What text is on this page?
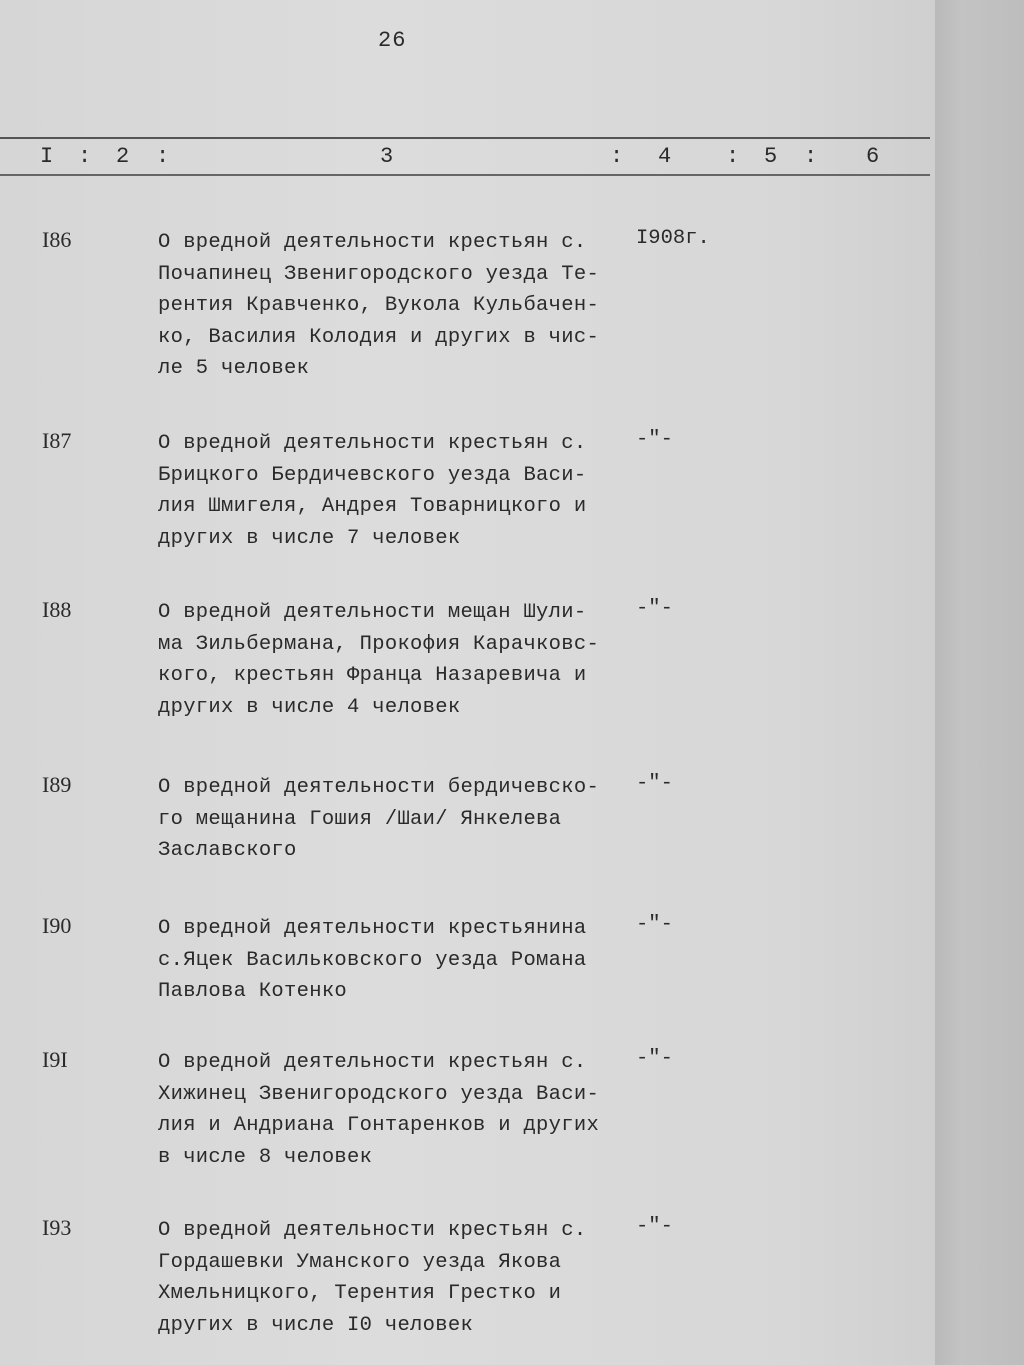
26
I : 2 :	3	: 4 : 5 : 6
I86	О вредной деятельности крестьян с.
Почапинец Звенигородского уезда Те-
рентия Кравченко, Вукола Кульбачен-
ко, Василия Колодия и других в чис-
ле 5 человек
I908г.
I87	О вредной деятельности крестьян с.
Брицкого Бердичевского уезда Васи-
лия Шмигеля, Андрея Товарницкого и
других в числе 7 человек
-"-
I88	О вредной деятельности мещан Шули-
ма Зильбермана, Прокофия Карачковс-
кого, крестьян Франца Назаревича и
других в числе 4 человек
-"-
I89	О вредной деятельности бердичевско-
го мещанина Гошия /Шаи/ Янкелева
Заславского
-"-
I90	О вредной деятельности крестьянина
с.Яцек Васильковского уезда Романа
Павлова Котенко
-"-
I9I	О вредной деятельности крестьян с.
Хижинец Звенигородского уезда Васи-
лия и Андриана Гонтаренков и других
в числе 8 человек
-"-
I93	О вредной деятельности крестьян с.
Гордашевки Уманского уезда Якова
Хмельницкого, Терентия Грестко и
других в числе I0 человек
-"-
